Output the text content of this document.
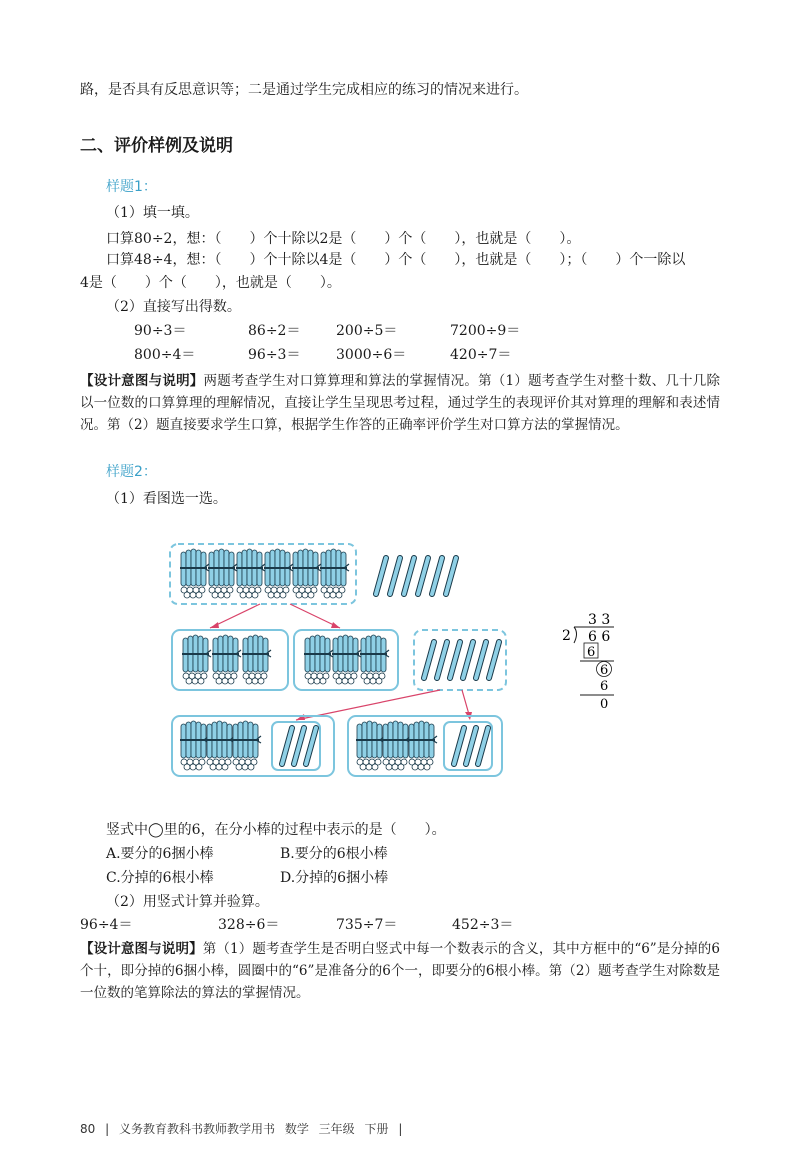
路，是否具有反思意识等；二是通过学生完成相应的练习的情况来进行。
二、评价样例及说明
样题1：
（1）填一填。
口算80÷2，想：（　　）个十除以2是（　　）个（　　），也就是（　　）。
口算48÷4，想：（　　）个十除以4是（　　）个（　　），也就是（　　）；（　　）个一除以
4是（　　）个（　　），也就是（　　）。
（2）直接写出得数。
90÷3＝	86÷2＝	200÷5＝	7200÷9＝
800÷4＝	96÷3＝	3000÷6＝	420÷7＝
【设计意图与说明】两题考查学生对口算算理和算法的掌握情况。第（1）题考查学生对整十数、几十几除以一位数的口算算理的理解情况，直接让学生呈现思考过程，通过学生的表现评价其对算理的理解和表述情况。第（2）题直接要求学生口算，根据学生作答的正确率评价学生对口算方法的掌握情况。
样题2：
（1）看图选一选。
3 3
2 6 6
6
6
6
0
竖式中◯里的6，在分小棒的过程中表示的是（　　）。
A.要分的6捆小棒	B.要分的6根小棒
C.分掉的6根小棒	D.分掉的6捆小棒
（2）用竖式计算并验算。
96÷4＝	328÷6＝	735÷7＝	452÷3＝
【设计意图与说明】第（1）题考查学生是否明白竖式中每一个数表示的含义，其中方框中的“6”是分掉的6个十，即分掉的6捆小棒，圆圈中的“6”是准备分的6个一，即要分的6根小棒。第（2）题考查学生对除数是一位数的笔算除法的算法的掌握情况。
80 | 义务教育教科书教师教学用书 数学 三年级 下册 |
